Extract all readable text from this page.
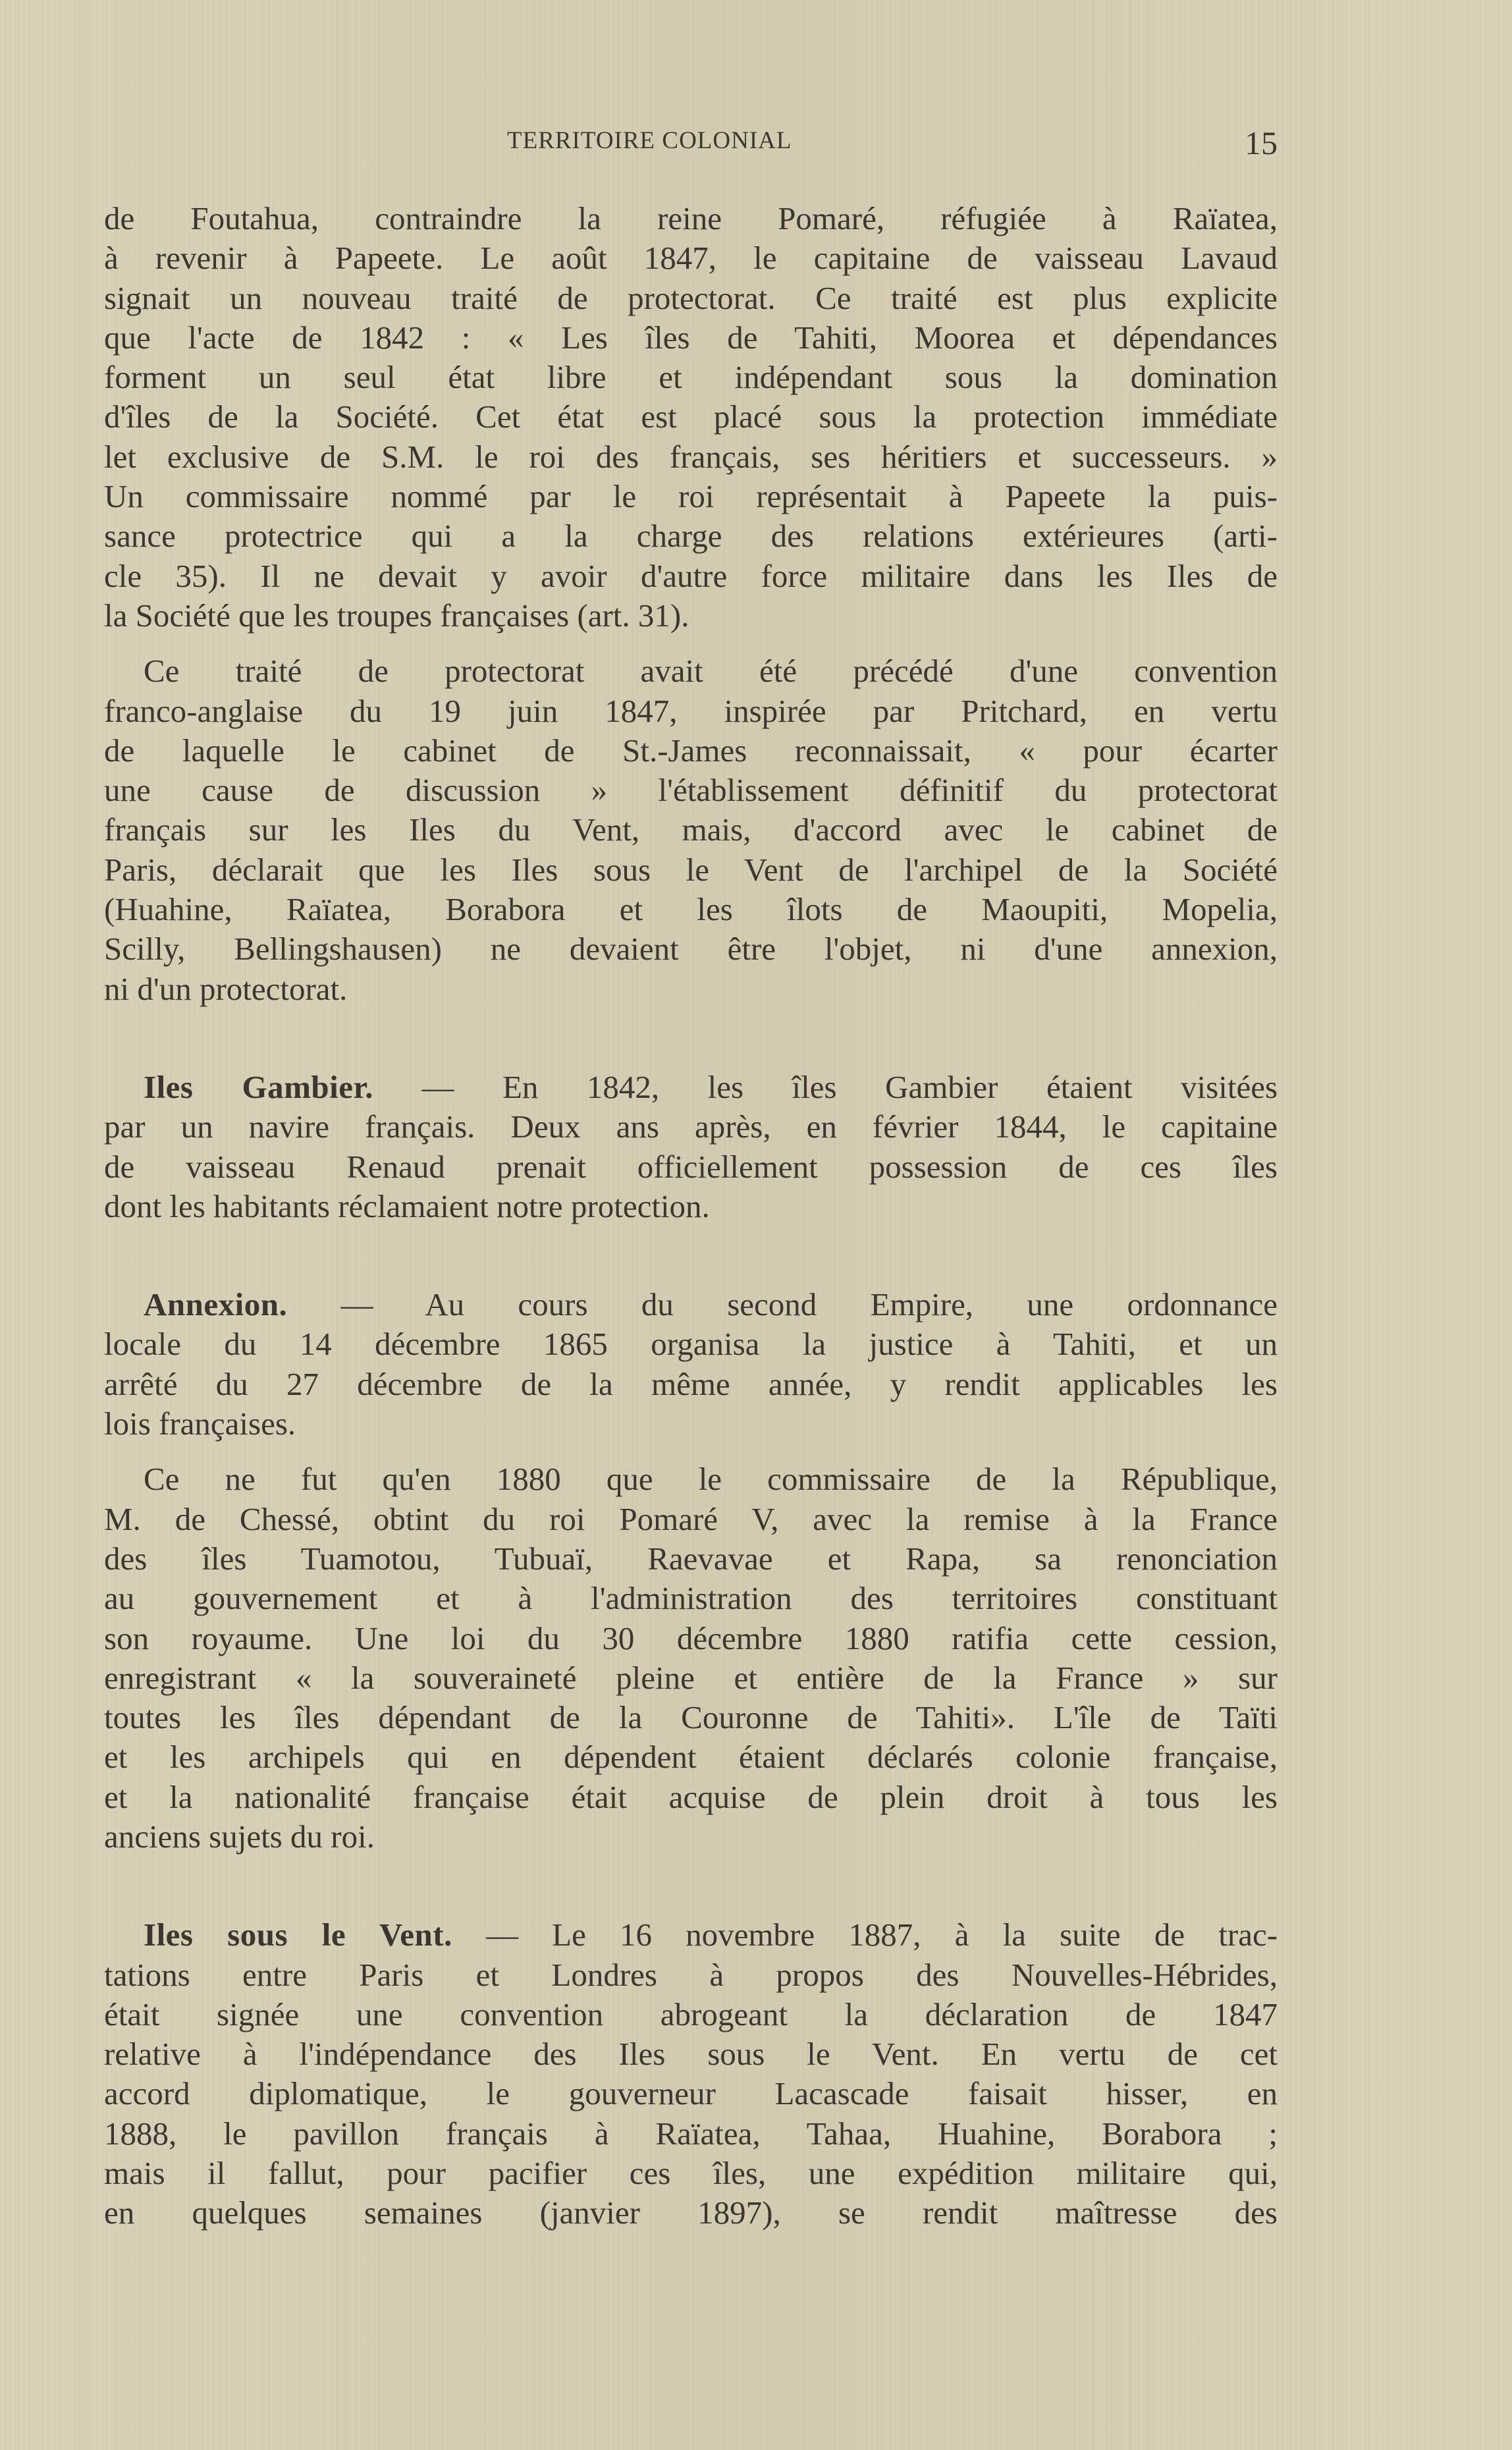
TERRITOIRE COLONIAL	15

de Foutahua, contraindre la reine Pomaré, réfugiée à Raïatea,
à revenir à Papeete. Le août 1847, le capitaine de vaisseau Lavaud
signait un nouveau traité de protectorat. Ce traité est plus explicite
que l'acte de 1842 : « Les îles de Tahiti, Moorea et dépendances
forment un seul état libre et indépendant sous la domination
d'îles de la Société. Cet état est placé sous la protection immédiate
let exclusive de S.M. le roi des français, ses héritiers et successeurs. »
Un commissaire nommé par le roi représentait à Papeete la puis-
sance protectrice qui a la charge des relations extérieures (arti-
cle 35). Il ne devait y avoir d'autre force militaire dans les Iles de
la Société que les troupes françaises (art. 31).

Ce traité de protectorat avait été précédé d'une convention
franco-anglaise du 19 juin 1847, inspirée par Pritchard, en vertu
de laquelle le cabinet de St.-James reconnaissait, « pour écarter
une cause de discussion » l'établissement définitif du protectorat
français sur les Iles du Vent, mais, d'accord avec le cabinet de
Paris, déclarait que les Iles sous le Vent de l'archipel de la Société
(Huahine, Raïatea, Borabora et les îlots de Maoupiti, Mopelia,
Scilly, Bellingshausen) ne devaient être l'objet, ni d'une annexion,
ni d'un protectorat.

Iles Gambier. — En 1842, les îles Gambier étaient visitées
par un navire français. Deux ans après, en février 1844, le capitaine
de vaisseau Renaud prenait officiellement possession de ces îles
dont les habitants réclamaient notre protection.

Annexion. — Au cours du second Empire, une ordonnance
locale du 14 décembre 1865 organisa la justice à Tahiti, et un
arrêté du 27 décembre de la même année, y rendit applicables les
lois françaises.

Ce ne fut qu'en 1880 que le commissaire de la République,
M. de Chessé, obtint du roi Pomaré V, avec la remise à la France
des îles Tuamotou, Tubuaï, Raevavae et Rapa, sa renonciation
au gouvernement et à l'administration des territoires constituant
son royaume. Une loi du 30 décembre 1880 ratifia cette cession,
enregistrant « la souveraineté pleine et entière de la France » sur
toutes les îles dépendant de la Couronne de Tahiti». L'île de Taïti
et les archipels qui en dépendent étaient déclarés colonie française,
et la nationalité française était acquise de plein droit à tous les
anciens sujets du roi.

Iles sous le Vent. — Le 16 novembre 1887, à la suite de trac-
tations entre Paris et Londres à propos des Nouvelles-Hébrides,
était signée une convention abrogeant la déclaration de 1847
relative à l'indépendance des Iles sous le Vent. En vertu de cet
accord diplomatique, le gouverneur Lacascade faisait hisser, en
1888, le pavillon français à Raïatea, Tahaa, Huahine, Borabora ;
mais il fallut, pour pacifier ces îles, une expédition militaire qui,
en quelques semaines (janvier 1897), se rendit maîtresse des
